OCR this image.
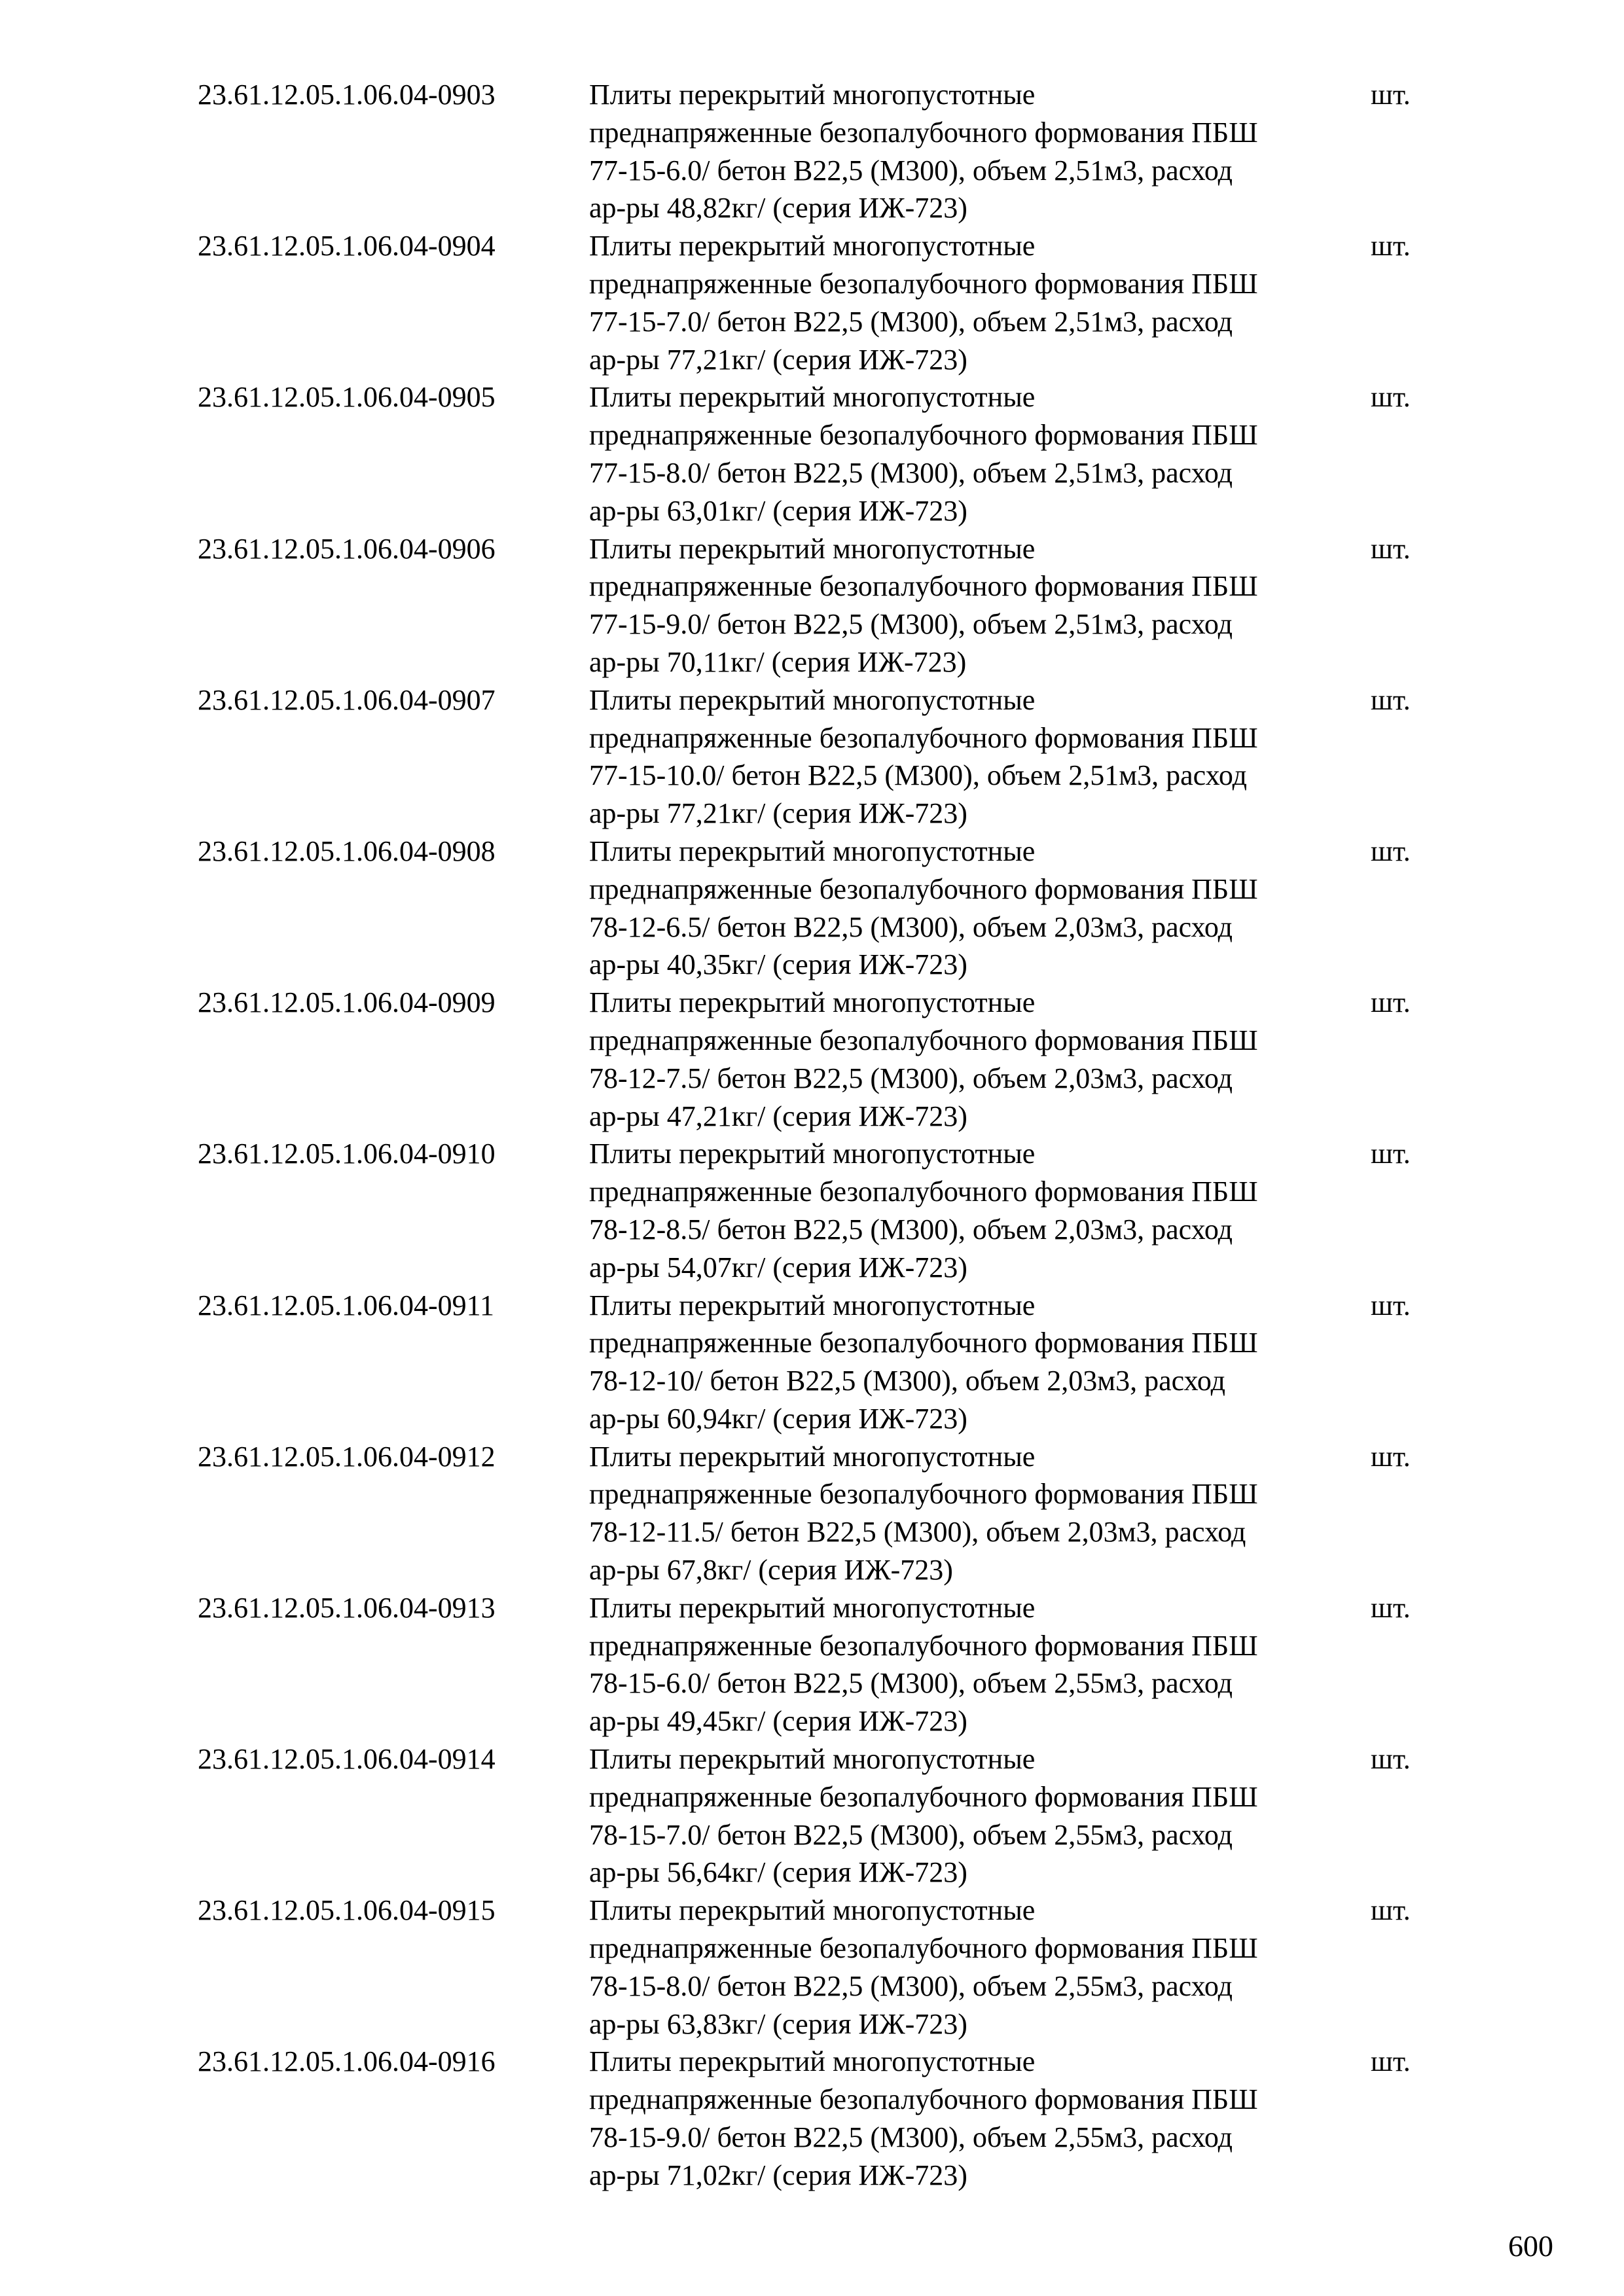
23.61.12.05.1.06.04-0903	Плиты перекрытий многопустотные
преднапряженные безопалубочного формования ПБШ
77-15-6.0/ бетон В22,5 (М300), объем 2,51м3, расход
ар-ры 48,82кг/ (серия ИЖ-723)
шт.
23.61.12.05.1.06.04-0904	Плиты перекрытий многопустотные
преднапряженные безопалубочного формования ПБШ
77-15-7.0/ бетон В22,5 (М300), объем 2,51м3, расход
ар-ры 77,21кг/ (серия ИЖ-723)
шт.
23.61.12.05.1.06.04-0905	Плиты перекрытий многопустотные
преднапряженные безопалубочного формования ПБШ
77-15-8.0/ бетон В22,5 (М300), объем 2,51м3, расход
ар-ры 63,01кг/ (серия ИЖ-723)
шт.
23.61.12.05.1.06.04-0906	Плиты перекрытий многопустотные
преднапряженные безопалубочного формования ПБШ
77-15-9.0/ бетон В22,5 (М300), объем 2,51м3, расход
ар-ры 70,11кг/ (серия ИЖ-723)
шт.
23.61.12.05.1.06.04-0907	Плиты перекрытий многопустотные
преднапряженные безопалубочного формования ПБШ
77-15-10.0/ бетон В22,5 (М300), объем 2,51м3, расход
ар-ры 77,21кг/ (серия ИЖ-723)
шт.
23.61.12.05.1.06.04-0908	Плиты перекрытий многопустотные
преднапряженные безопалубочного формования ПБШ
78-12-6.5/ бетон В22,5 (М300), объем 2,03м3, расход
ар-ры 40,35кг/ (серия ИЖ-723)
шт.
23.61.12.05.1.06.04-0909	Плиты перекрытий многопустотные
преднапряженные безопалубочного формования ПБШ
78-12-7.5/ бетон В22,5 (М300), объем 2,03м3, расход
ар-ры 47,21кг/ (серия ИЖ-723)
шт.
23.61.12.05.1.06.04-0910	Плиты перекрытий многопустотные
преднапряженные безопалубочного формования ПБШ
78-12-8.5/ бетон В22,5 (М300), объем 2,03м3, расход
ар-ры 54,07кг/ (серия ИЖ-723)
шт.
23.61.12.05.1.06.04-0911	Плиты перекрытий многопустотные
преднапряженные безопалубочного формования ПБШ
78-12-10/ бетон В22,5 (М300), объем 2,03м3, расход
ар-ры 60,94кг/ (серия ИЖ-723)
шт.
23.61.12.05.1.06.04-0912	Плиты перекрытий многопустотные
преднапряженные безопалубочного формования ПБШ
78-12-11.5/ бетон В22,5 (М300), объем 2,03м3, расход
ар-ры 67,8кг/ (серия ИЖ-723)
шт.
23.61.12.05.1.06.04-0913	Плиты перекрытий многопустотные
преднапряженные безопалубочного формования ПБШ
78-15-6.0/ бетон В22,5 (М300), объем 2,55м3, расход
ар-ры 49,45кг/ (серия ИЖ-723)
шт.
23.61.12.05.1.06.04-0914	Плиты перекрытий многопустотные
преднапряженные безопалубочного формования ПБШ
78-15-7.0/ бетон В22,5 (М300), объем 2,55м3, расход
ар-ры 56,64кг/ (серия ИЖ-723)
шт.
23.61.12.05.1.06.04-0915	Плиты перекрытий многопустотные
преднапряженные безопалубочного формования ПБШ
78-15-8.0/ бетон В22,5 (М300), объем 2,55м3, расход
ар-ры 63,83кг/ (серия ИЖ-723)
шт.
23.61.12.05.1.06.04-0916	Плиты перекрытий многопустотные
преднапряженные безопалубочного формования ПБШ
78-15-9.0/ бетон В22,5 (М300), объем 2,55м3, расход
ар-ры 71,02кг/ (серия ИЖ-723)
шт.
600
